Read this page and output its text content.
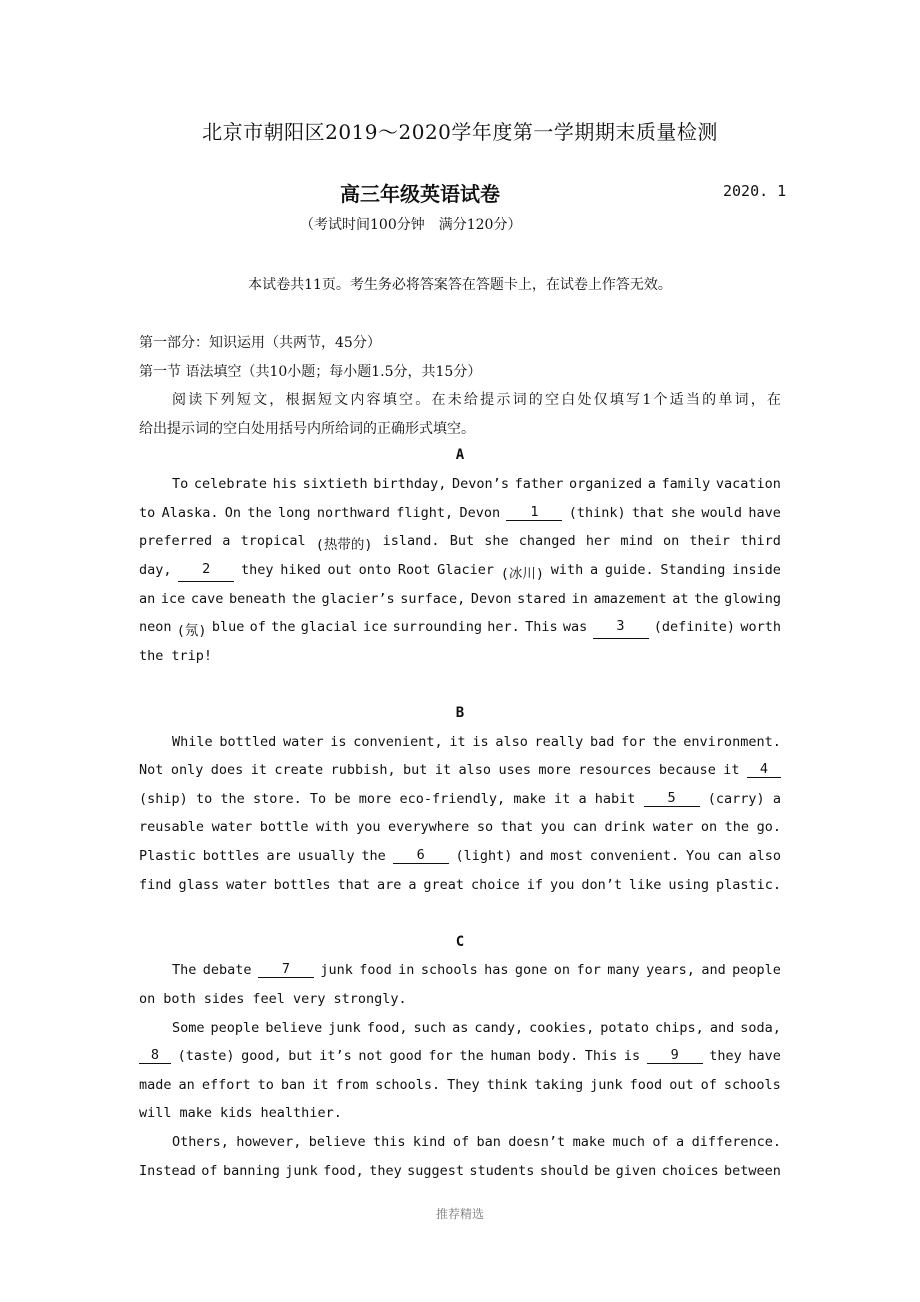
北京市朝阳区2019～2020学年度第一学期期末质量检测
高三年级英语试卷	2020. 1
（考试时间100分钟　满分120分）
本试卷共11页。考生务必将答案答在答题卡上，在试卷上作答无效。
第一部分：知识运用（共两节，45分）
第一节 语法填空（共10小题；每小题1.5分，共15分）
阅读下列短文，根据短文内容填空。在未给提示词的空白处仅填写1个适当的单词，在
给出提示词的空白处用括号内所给词的正确形式填空。
A
To celebrate his sixtieth birthday, Devon’s father organized a family vacation
to Alaska. On the long northward flight, Devon	1	(think) that she would have
preferred a tropical (热带的) island. But she changed her mind on their third
day,	2	they hiked out onto Root Glacier (冰川) with a guide. Standing inside
an ice cave beneath the glacier’s surface, Devon stared in amazement at the glowing
neon (氖) blue of the glacial ice surrounding her. This was	3	(definite) worth
the trip!
B
While bottled water is convenient, it is also really bad for the environment.
Not only does it create rubbish, but it also uses more resources because it	4
(ship) to the store. To be more eco-friendly, make it a habit	5	(carry) a
reusable water bottle with you everywhere so that you can drink water on the go.
Plastic bottles are usually the	6	(light) and most convenient. You can also
find glass water bottles that are a great choice if you don’t like using plastic.
C
The debate	7	junk food in schools has gone on for many years, and people
on both sides feel very strongly.
Some people believe junk food, such as candy, cookies, potato chips, and soda,
8	(taste) good, but it’s not good for the human body. This is	9	they have
made an effort to ban it from schools. They think taking junk food out of schools
will make kids healthier.
Others, however, believe this kind of ban doesn’t make much of a difference.
Instead of banning junk food, they suggest students should be given choices between
推荐精选
